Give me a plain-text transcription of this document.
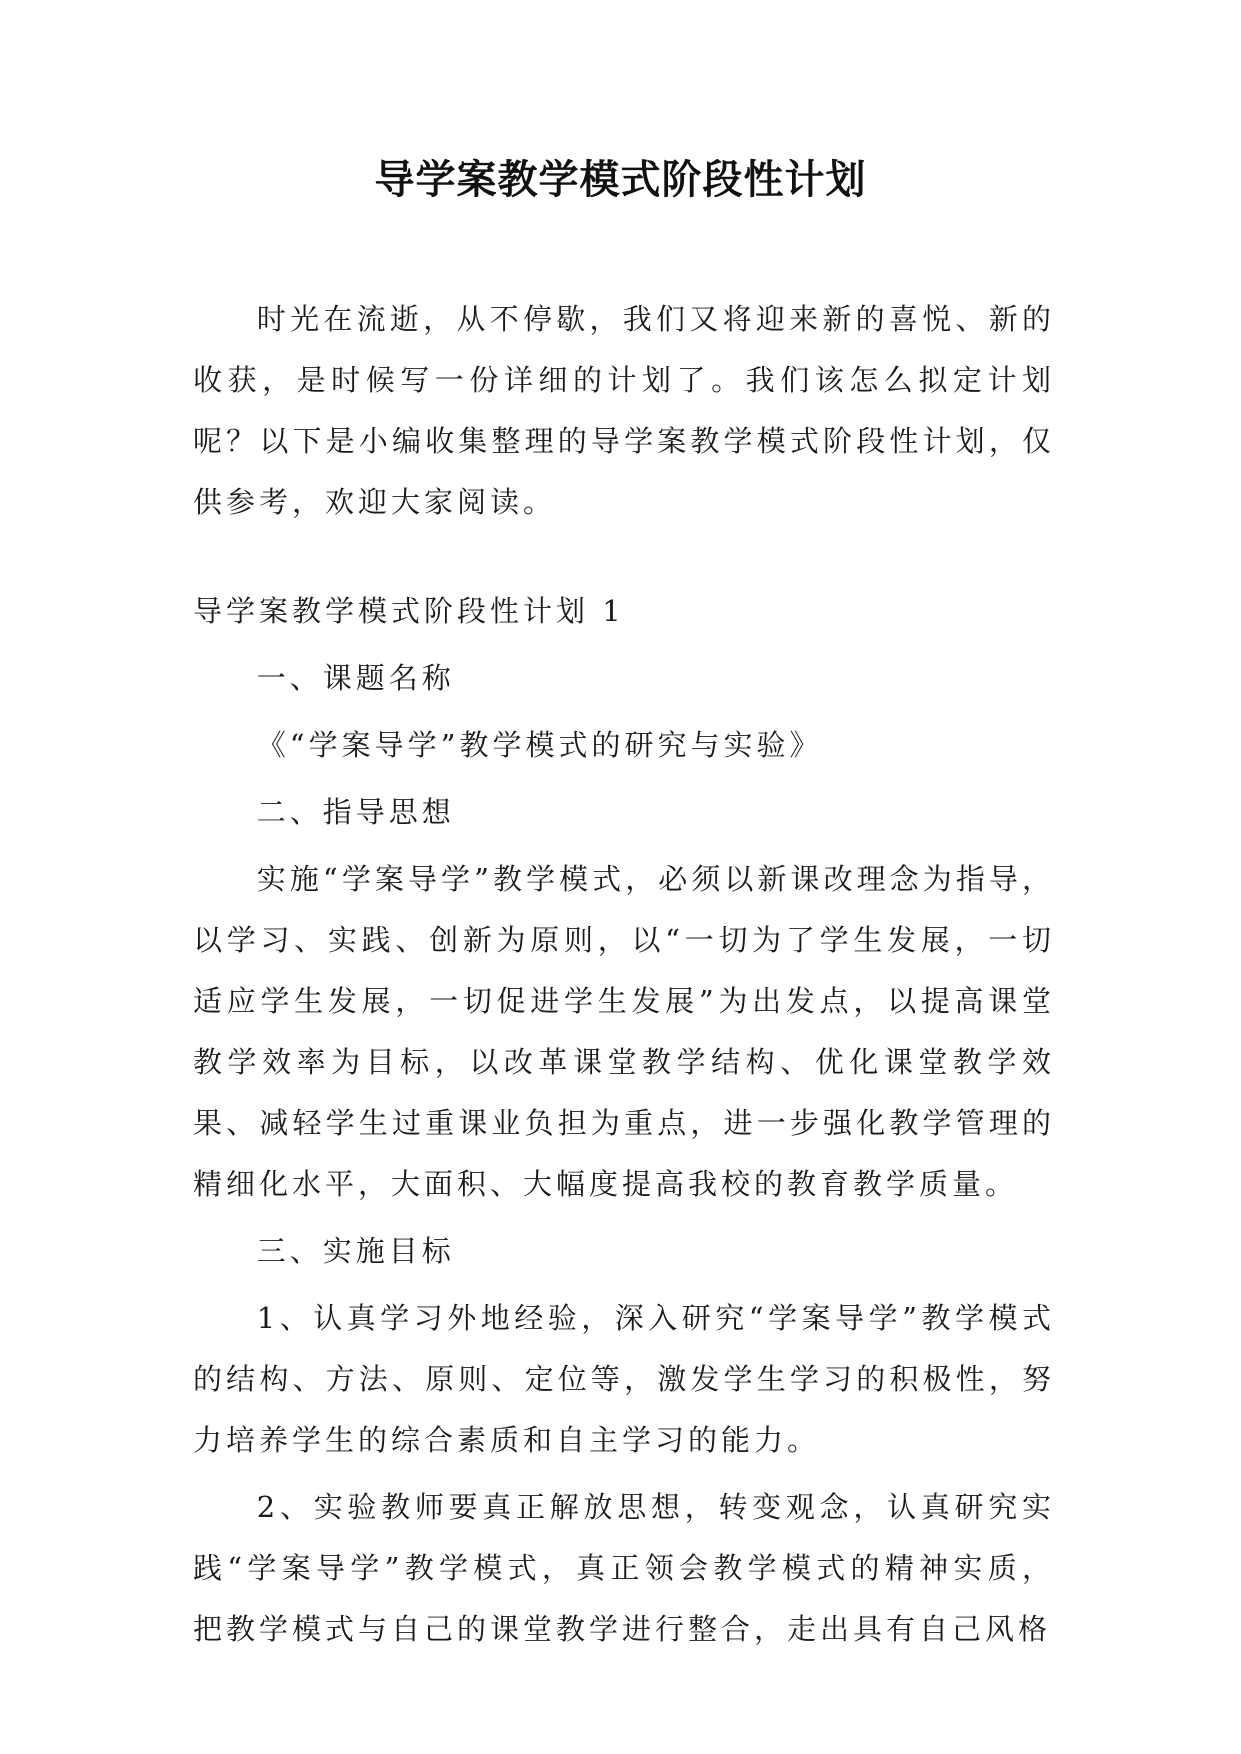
导学案教学模式阶段性计划

时光在流逝，从不停歇，我们又将迎来新的喜悦、新的收获，是时候写一份详细的计划了。我们该怎么拟定计划呢？以下是小编收集整理的导学案教学模式阶段性计划，仅供参考，欢迎大家阅读。

导学案教学模式阶段性计划 1

一、课题名称

《“学案导学”教学模式的研究与实验》

二、指导思想

实施“学案导学”教学模式，必须以新课改理念为指导，以学习、实践、创新为原则，以“一切为了学生发展，一切适应学生发展，一切促进学生发展”为出发点，以提高课堂教学效率为目标，以改革课堂教学结构、优化课堂教学效果、减轻学生过重课业负担为重点，进一步强化教学管理的精细化水平，大面积、大幅度提高我校的教育教学质量。

三、实施目标

1、认真学习外地经验，深入研究“学案导学”教学模式的结构、方法、原则、定位等，激发学生学习的积极性，努力培养学生的综合素质和自主学习的能力。

2、实验教师要真正解放思想，转变观念，认真研究实践“学案导学”教学模式，真正领会教学模式的精神实质，把教学模式与自己的课堂教学进行整合，走出具有自己风格
